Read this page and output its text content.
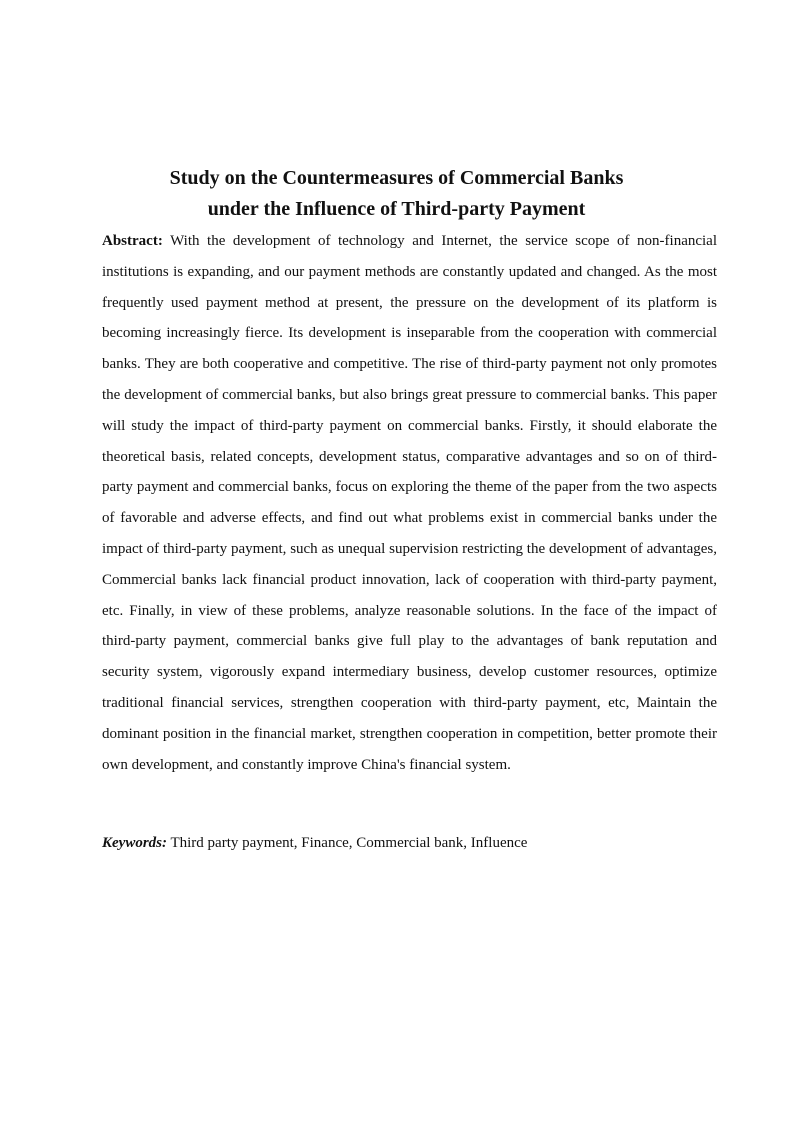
Study on the Countermeasures of Commercial Banks
under the Influence of Third-party Payment

Abstract: With the development of technology and Internet, the service scope of non-financial institutions is expanding, and our payment methods are constantly updated and changed. As the most frequently used payment method at present, the pressure on the development of its platform is becoming increasingly fierce. Its development is inseparable from the cooperation with commercial banks. They are both cooperative and competitive. The rise of third-party payment not only promotes the development of commercial banks, but also brings great pressure to commercial banks. This paper will study the impact of third-party payment on commercial banks. Firstly, it should elaborate the theoretical basis, related concepts, development status, comparative advantages and so on of third-party payment and commercial banks, focus on exploring the theme of the paper from the two aspects of favorable and adverse effects, and find out what problems exist in commercial banks under the impact of third-party payment, such as unequal supervision restricting the development of advantages, Commercial banks lack financial product innovation, lack of cooperation with third-party payment, etc. Finally, in view of these problems, analyze reasonable solutions. In the face of the impact of third-party payment, commercial banks give full play to the advantages of bank reputation and security system, vigorously expand intermediary business, develop customer resources, optimize traditional financial services, strengthen cooperation with third-party payment, etc, Maintain the dominant position in the financial market, strengthen cooperation in competition, better promote their own development, and constantly improve China's financial system.

Keywords: Third party payment, Finance, Commercial bank, Influence
